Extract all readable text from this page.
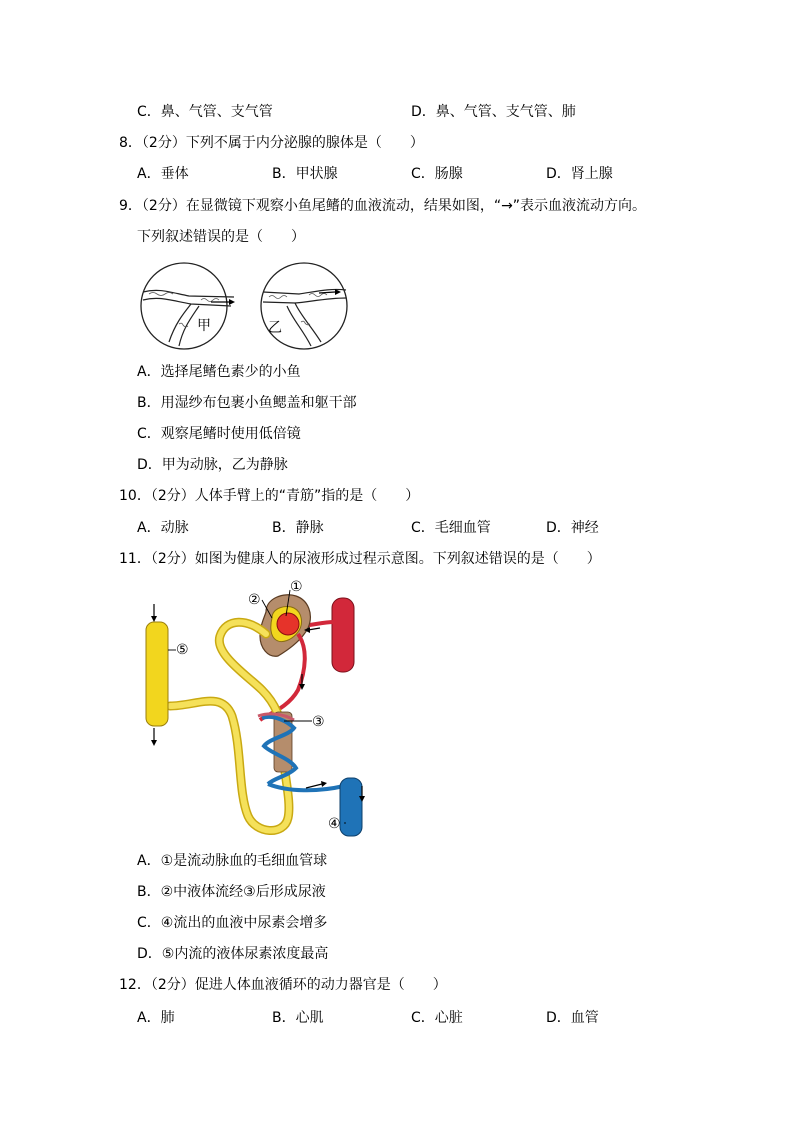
C．鼻、气管、支气管	D．鼻、气管、支气管、肺
8．（2分）下列不属于内分泌腺的腺体是（　　）
A．垂体	B．甲状腺	C．肠腺	D．肾上腺
9．（2分）在显微镜下观察小鱼尾鳍的血液流动，结果如图，“→”表示血液流动方向。
下列叙述错误的是（　　）
甲	乙
A．选择尾鳍色素少的小鱼
B．用湿纱布包裹小鱼鳃盖和躯干部
C．观察尾鳍时使用低倍镜
D．甲为动脉，乙为静脉
10．（2分）人体手臂上的“青筋”指的是（　　）
A．动脉	B．静脉	C．毛细血管	D．神经
11．（2分）如图为健康人的尿液形成过程示意图。下列叙述错误的是（　　）
①
②
③
④
⑤
A．①是流动脉血的毛细血管球
B．②中液体流经③后形成尿液
C．④流出的血液中尿素会增多
D．⑤内流的液体尿素浓度最高
12．（2分）促进人体血液循环的动力器官是（　　）
A．肺	B．心肌	C．心脏	D．血管
